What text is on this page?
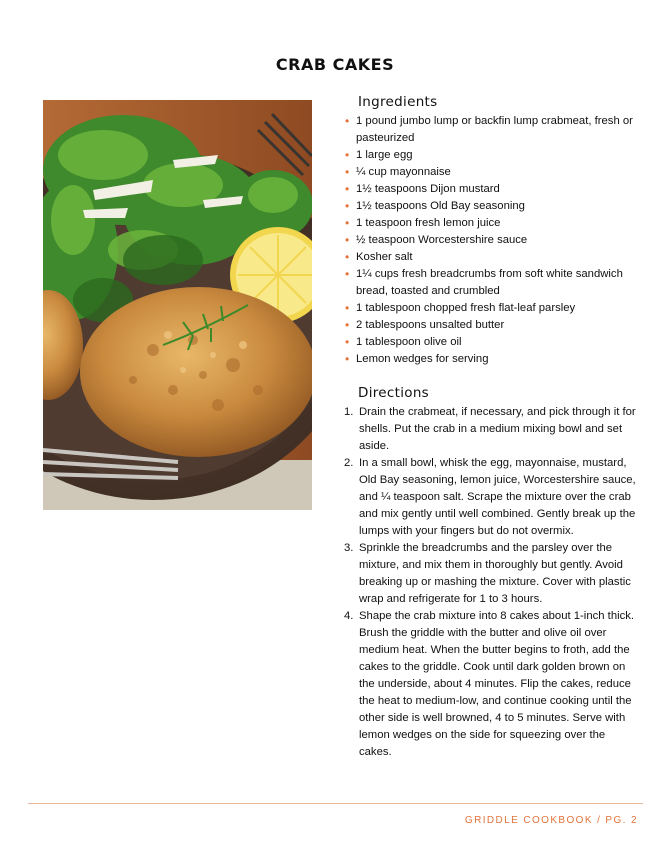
CRAB CAKES
Ingredients
• 1 pound jumbo lump or backfin lump crabmeat, fresh or pasteurized
• 1 large egg
• ¼ cup mayonnaise
• 1½ teaspoons Dijon mustard
• 1½ teaspoons Old Bay seasoning
• 1 teaspoon fresh lemon juice
• ½ teaspoon Worcestershire sauce
• Kosher salt
• 1¼ cups fresh breadcrumbs from soft white sandwich bread, toasted and crumbled
• 1 tablespoon chopped fresh flat-leaf parsley
• 2 tablespoons unsalted butter
• 1 tablespoon olive oil
• Lemon wedges for serving
Directions
1. Drain the crabmeat, if necessary, and pick through it for shells. Put the crab in a medium mixing bowl and set aside.
2. In a small bowl, whisk the egg, mayonnaise, mustard, Old Bay seasoning, lemon juice, Worcestershire sauce, and ¼ teaspoon salt. Scrape the mixture over the crab and mix gently until well combined. Gently break up the lumps with your fingers but do not overmix.
3. Sprinkle the breadcrumbs and the parsley over the mixture, and mix them in thoroughly but gently. Avoid breaking up or mashing the mixture. Cover with plastic wrap and refrigerate for 1 to 3 hours.
4. Shape the crab mixture into 8 cakes about 1-inch thick. Brush the griddle with the butter and olive oil over medium heat. When the butter begins to froth, add the cakes to the griddle. Cook until dark golden brown on the underside, about 4 minutes. Flip the cakes, reduce the heat to medium-low, and continue cooking until the other side is well browned, 4 to 5 minutes. Serve with lemon wedges on the side for squeezing over the cakes.
GRIDDLE COOKBOOK / PG. 2
